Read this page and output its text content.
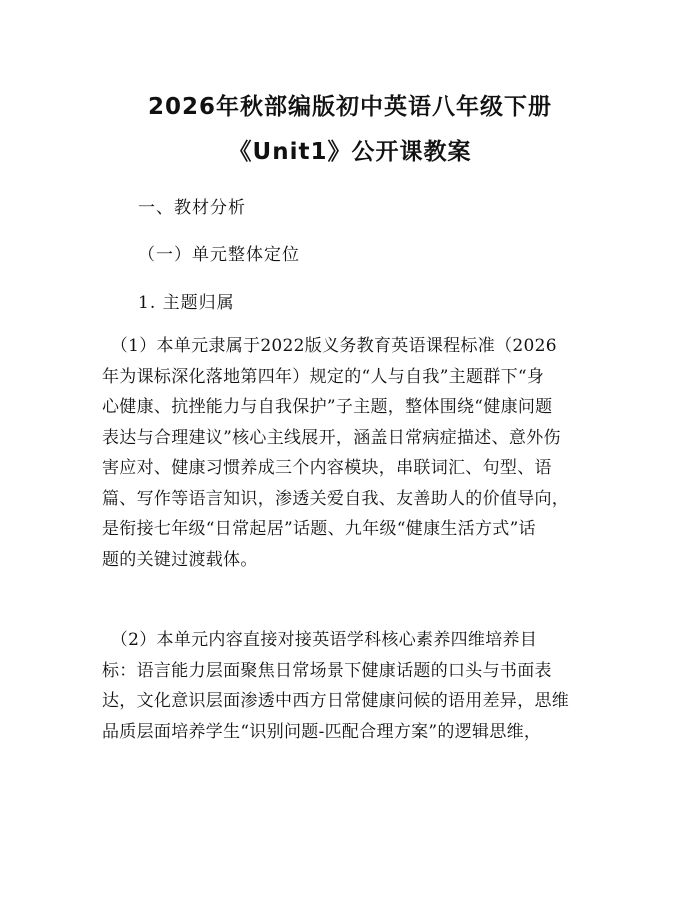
2026年秋部编版初中英语八年级下册
《Unit1》公开课教案
一、教材分析
（一）单元整体定位
1. 主题归属
　（1）本单元隶属于2022版义务教育英语课程标准（2026
年为课标深化落地第四年）规定的“人与自我”主题群下“身
心健康、抗挫能力与自我保护”子主题，整体围绕“健康问题
表达与合理建议”核心主线展开，涵盖日常病症描述、意外伤
害应对、健康习惯养成三个内容模块，串联词汇、句型、语
篇、写作等语言知识，渗透关爱自我、友善助人的价值导向，
是衔接七年级“日常起居”话题、九年级“健康生活方式”话
题的关键过渡载体。
　（2）本单元内容直接对接英语学科核心素养四维培养目
标：语言能力层面聚焦日常场景下健康话题的口头与书面表
达，文化意识层面渗透中西方日常健康问候的语用差异，思维
品质层面培养学生“识别问题-匹配合理方案”的逻辑思维，
